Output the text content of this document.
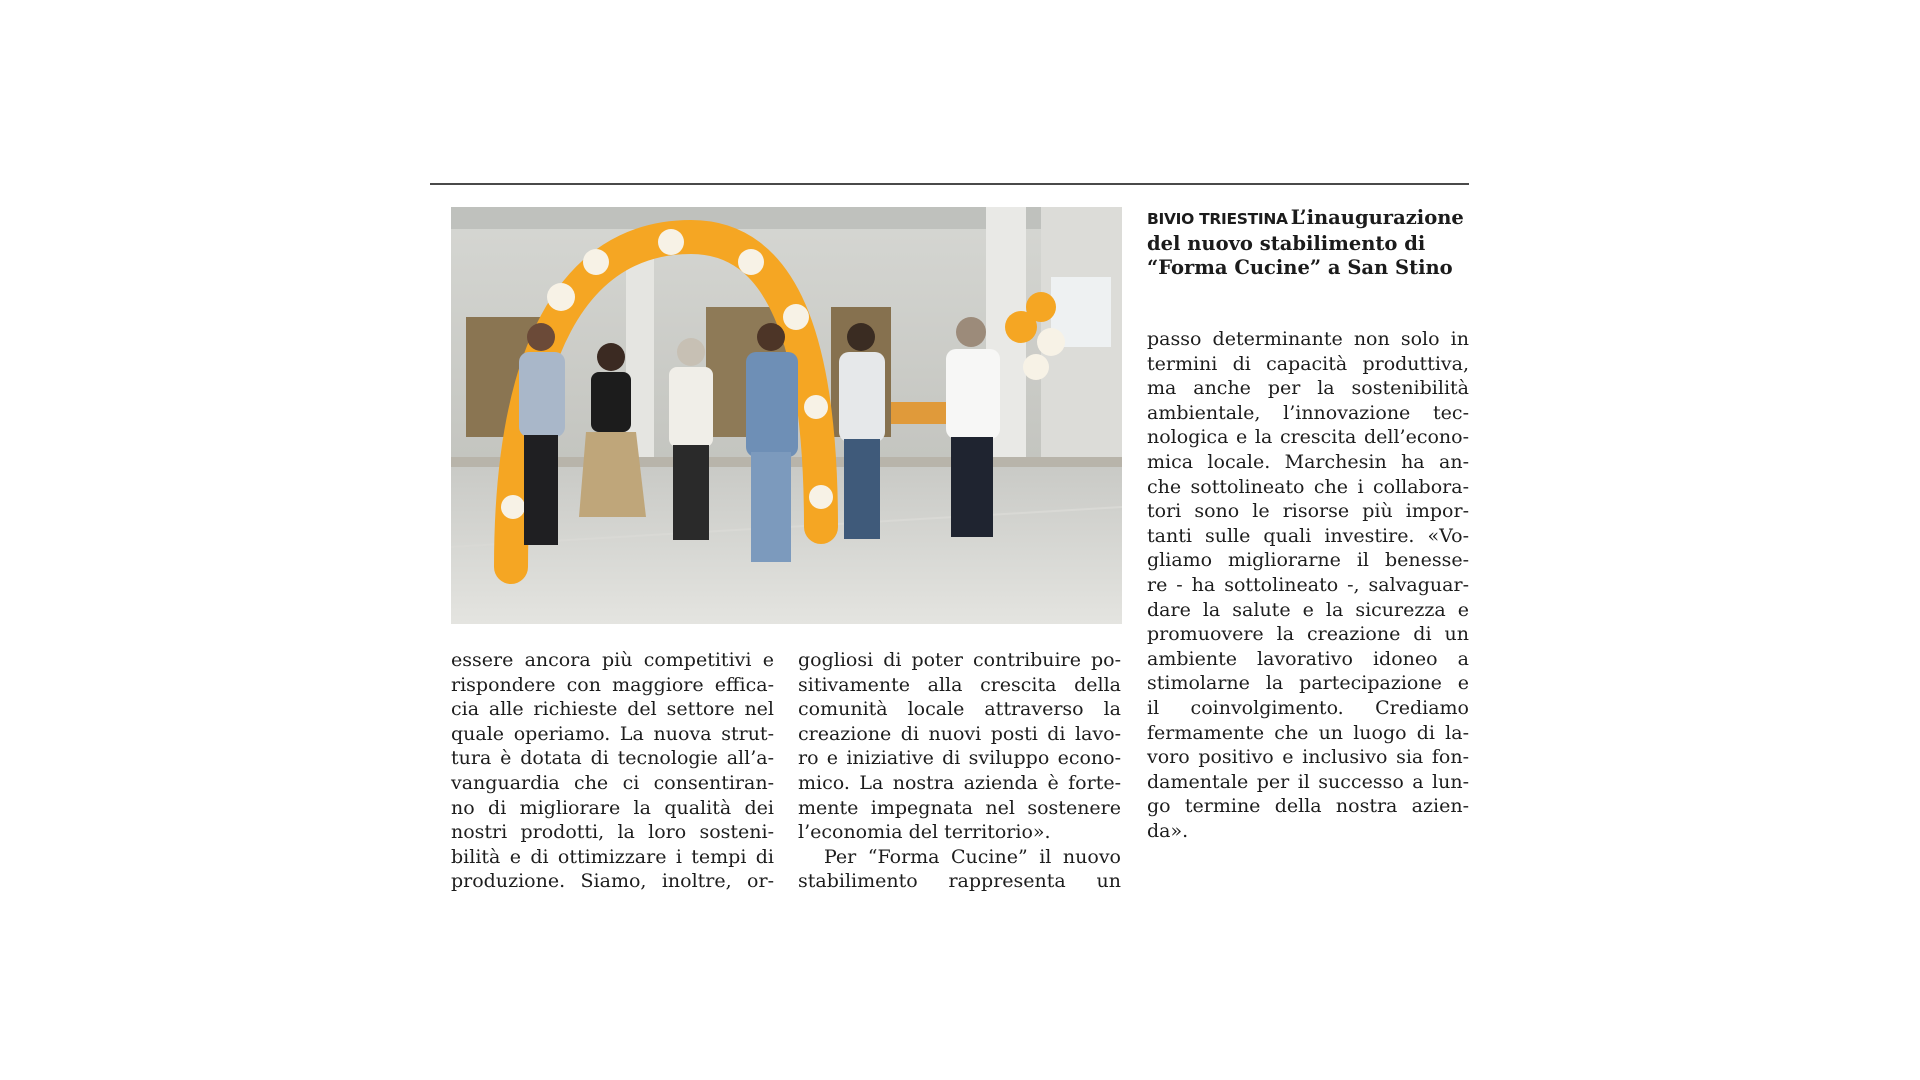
BIVIO TRIESTINA L’inaugurazione del nuovo stabilimento di “Forma Cucine” a San Stino
essere ancora più competitivi e
rispondere con maggiore effica-
cia alle richieste del settore nel
quale operiamo. La nuova strut-
tura è dotata di tecnologie all’a-
vanguardia che ci consentiran-
no di migliorare la qualità dei
nostri prodotti, la loro sosteni-
bilità e di ottimizzare i tempi di
produzione. Siamo, inoltre, or-
gogliosi di poter contribuire po-
sitivamente alla crescita della
comunità locale attraverso la
creazione di nuovi posti di lavo-
ro e iniziative di sviluppo econo-
mico. La nostra azienda è forte-
mente impegnata nel sostenere
l’economia del territorio».
Per “Forma Cucine” il nuovo
stabilimento rappresenta un
passo determinante non solo in
termini di capacità produttiva,
ma anche per la sostenibilità
ambientale, l’innovazione tec-
nologica e la crescita dell’econo-
mica locale. Marchesin ha an-
che sottolineato che i collabora-
tori sono le risorse più impor-
tanti sulle quali investire. «Vo-
gliamo migliorarne il benesse-
re - ha sottolineato -, salvaguar-
dare la salute e la sicurezza e
promuovere la creazione di un
ambiente lavorativo idoneo a
stimolarne la partecipazione e
il coinvolgimento. Crediamo
fermamente che un luogo di la-
voro positivo e inclusivo sia fon-
damentale per il successo a lun-
go termine della nostra azien-
da».
